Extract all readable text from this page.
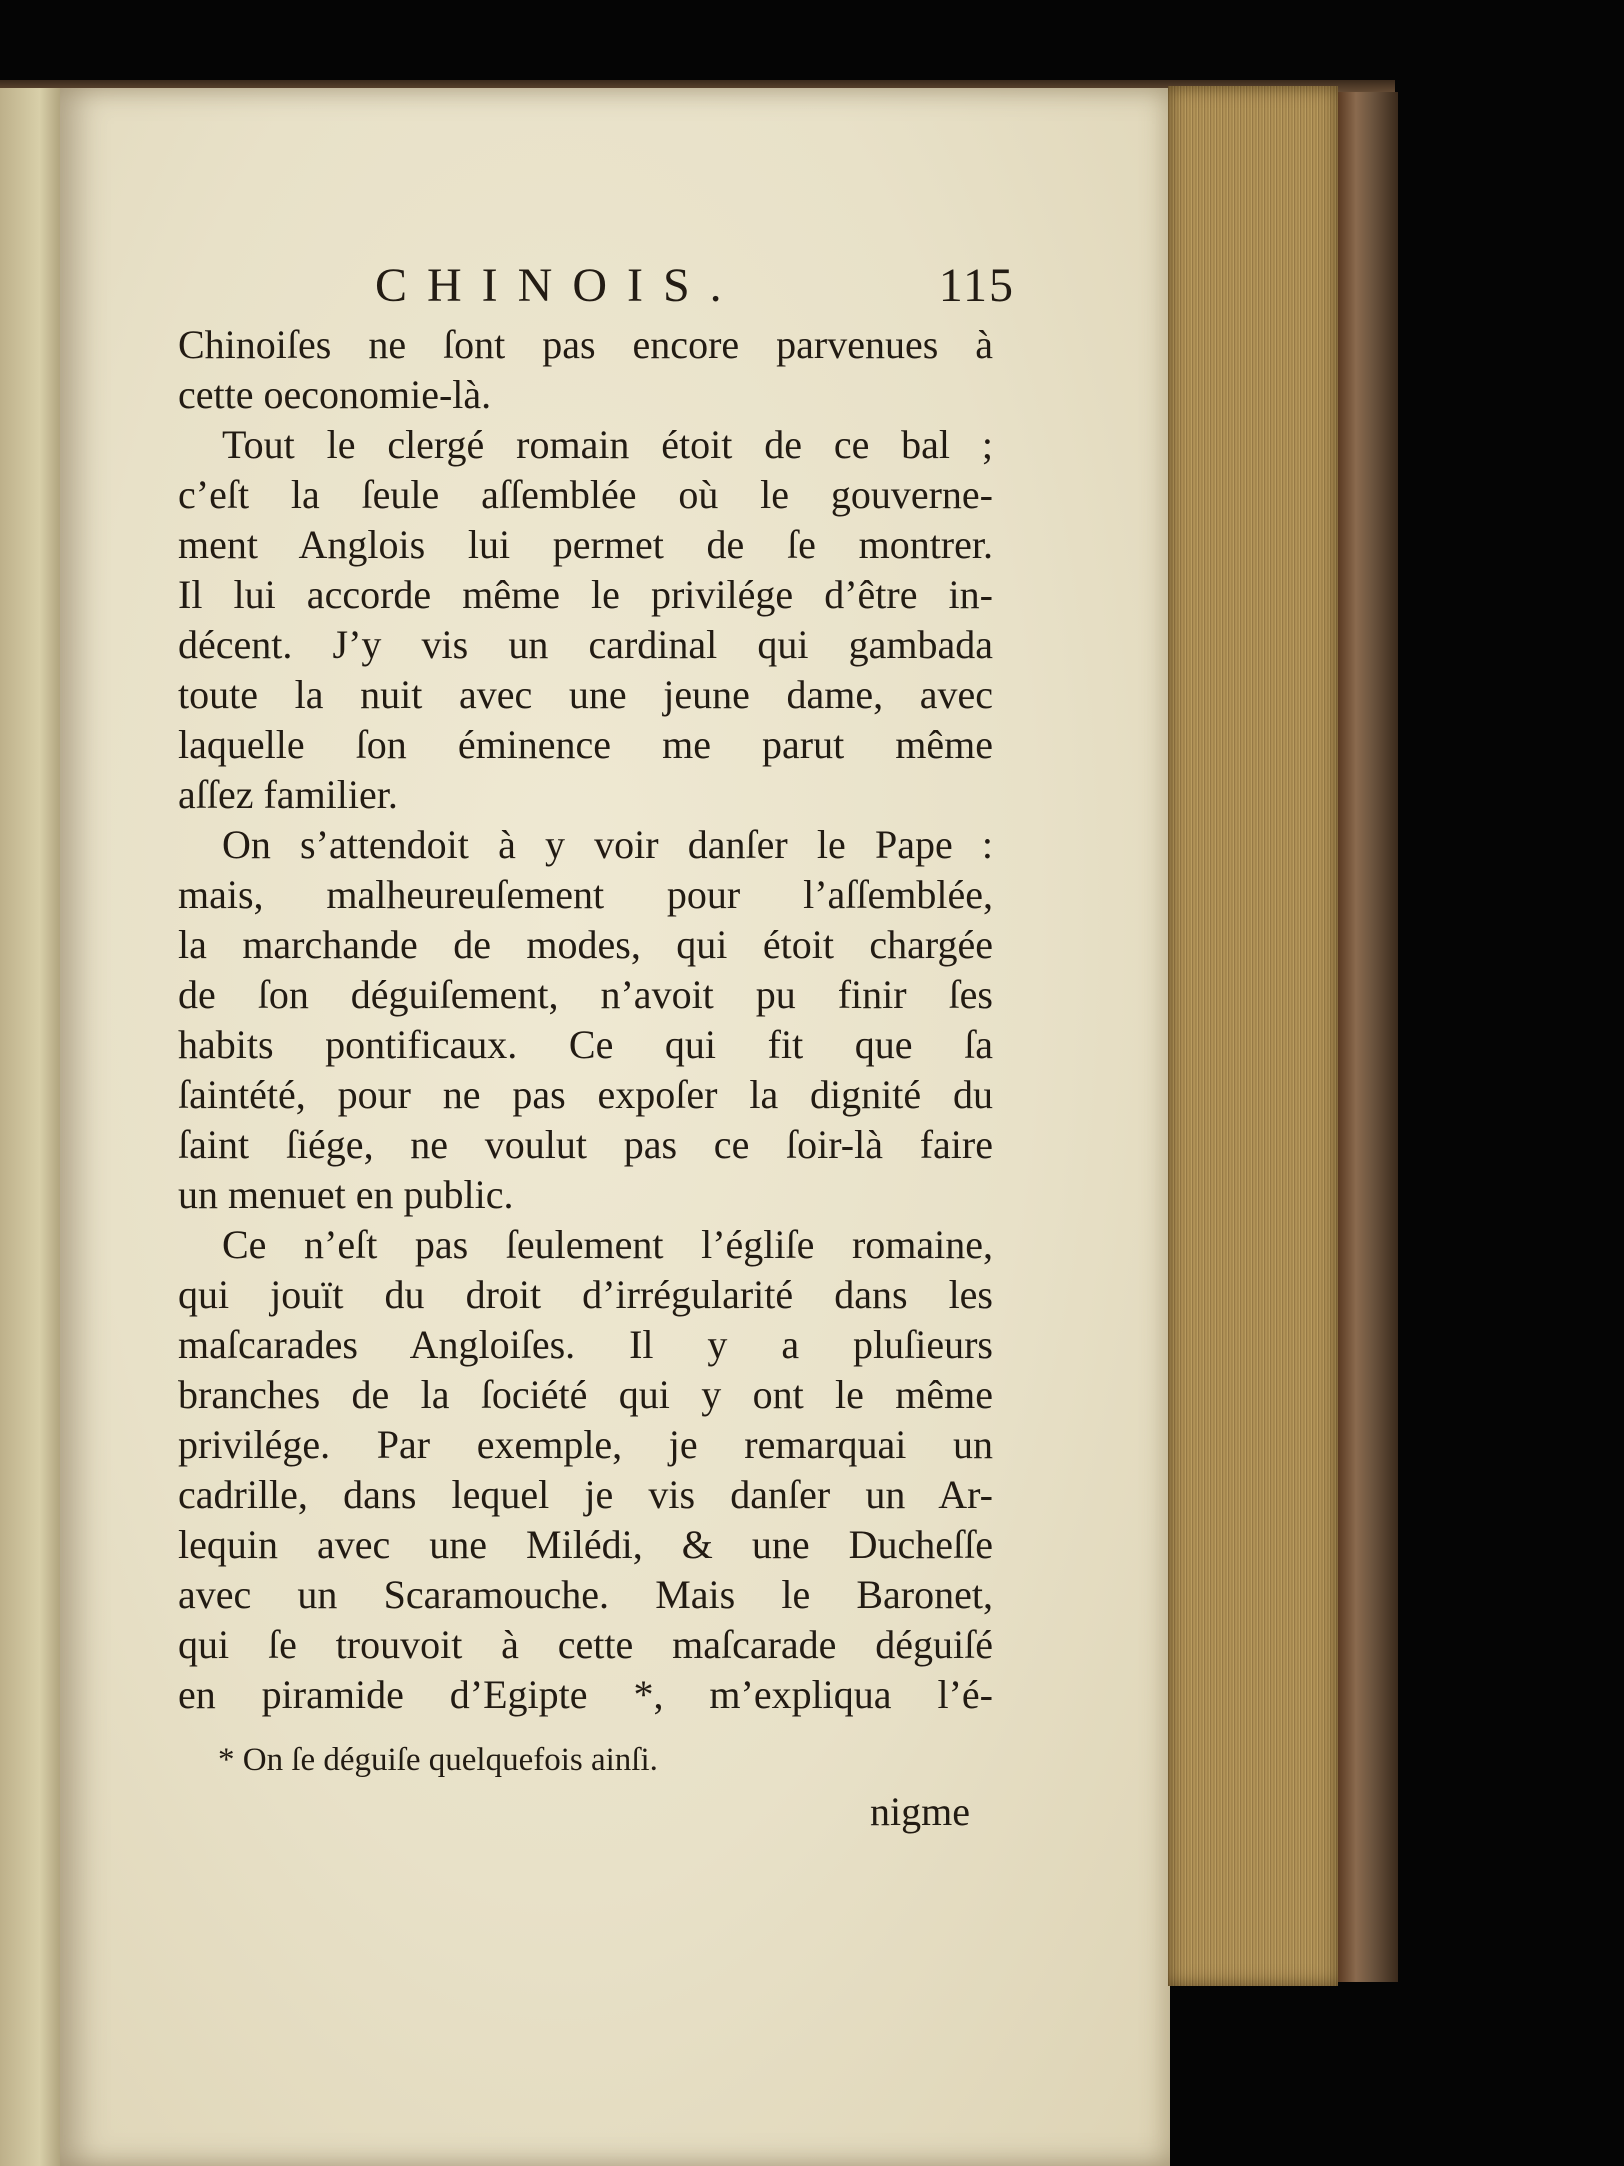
CHINOIS.	115
Chinoiſes ne ſont pas encore parvenues à
cette oeconomie-là.
Tout le clergé romain étoit de ce bal ;
c’eſt la ſeule aſſemblée où le gouverne-
ment Anglois lui permet de ſe montrer.
Il lui accorde même le privilége d’être in-
décent. J’y vis un cardinal qui gambada
toute la nuit avec une jeune dame, avec
laquelle ſon éminence me parut même
aſſez familier.
On s’attendoit à y voir danſer le Pape :
mais, malheureuſement pour l’aſſemblée,
la marchande de modes, qui étoit chargée
de ſon déguiſement, n’avoit pu finir ſes
habits pontificaux. Ce qui fit que ſa
ſaintété, pour ne pas expoſer la dignité du
ſaint ſiége, ne voulut pas ce ſoir-là faire
un menuet en public.
Ce n’eſt pas ſeulement l’égliſe romaine,
qui jouït du droit d’irrégularité dans les
maſcarades Angloiſes. Il y a pluſieurs
branches de la ſociété qui y ont le même
privilége. Par exemple, je remarquai un
cadrille, dans lequel je vis danſer un Ar-
lequin avec une Milédi, & une Ducheſſe
avec un Scaramouche. Mais le Baronet,
qui ſe trouvoit à cette maſcarade déguiſé
en piramide d’Egipte *, m’expliqua l’é-
* On ſe déguiſe quelquefois ainſi.
nigme
